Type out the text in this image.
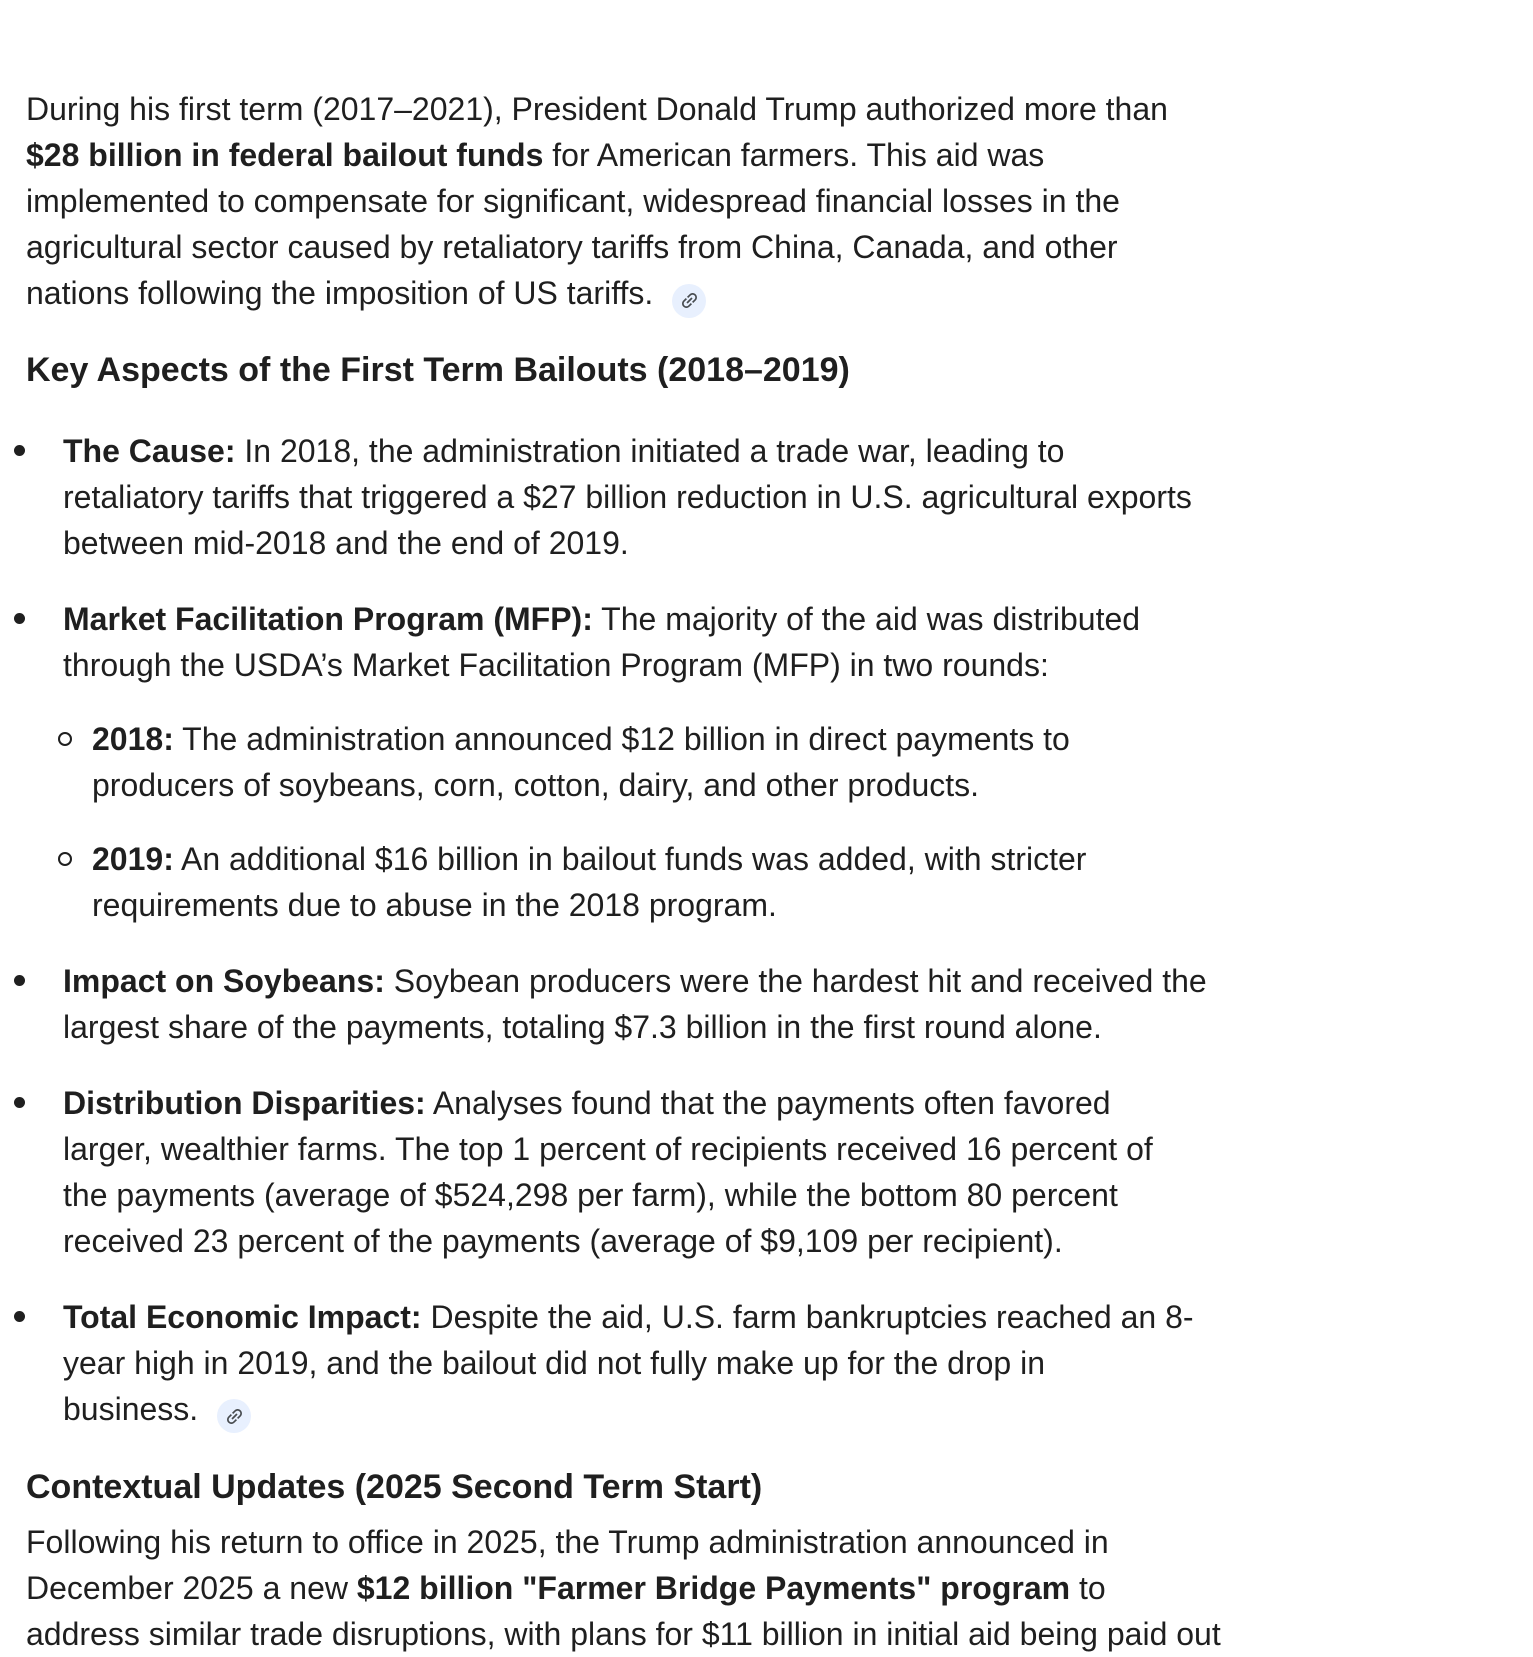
During his first term (2017–2021), President Donald Trump authorized more than
$28 billion in federal bailout funds for American farmers. This aid was
implemented to compensate for significant, widespread financial losses in the
agricultural sector caused by retaliatory tariffs from China, Canada, and other
nations following the imposition of US tariffs.

Key Aspects of the First Term Bailouts (2018–2019)
The Cause: In 2018, the administration initiated a trade war, leading to
retaliatory tariffs that triggered a $27 billion reduction in U.S. agricultural exports
between mid-2018 and the end of 2019.
Market Facilitation Program (MFP): The majority of the aid was distributed
through the USDA’s Market Facilitation Program (MFP) in two rounds:
2018: The administration announced $12 billion in direct payments to
producers of soybeans, corn, cotton, dairy, and other products.
2019: An additional $16 billion in bailout funds was added, with stricter
requirements due to abuse in the 2018 program.
Impact on Soybeans: Soybean producers were the hardest hit and received the
largest share of the payments, totaling $7.3 billion in the first round alone.
Distribution Disparities: Analyses found that the payments often favored
larger, wealthier farms. The top 1 percent of recipients received 16 percent of
the payments (average of $524,298 per farm), while the bottom 80 percent
received 23 percent of the payments (average of $9,109 per recipient).
Total Economic Impact: Despite the aid, U.S. farm bankruptcies reached an 8-
year high in 2019, and the bailout did not fully make up for the drop in
business.
Contextual Updates (2025 Second Term Start)

Following his return to office in 2025, the Trump administration announced in
December 2025 a new $12 billion "Farmer Bridge Payments" program to
address similar trade disruptions, with plans for $11 billion in initial aid being paid out
